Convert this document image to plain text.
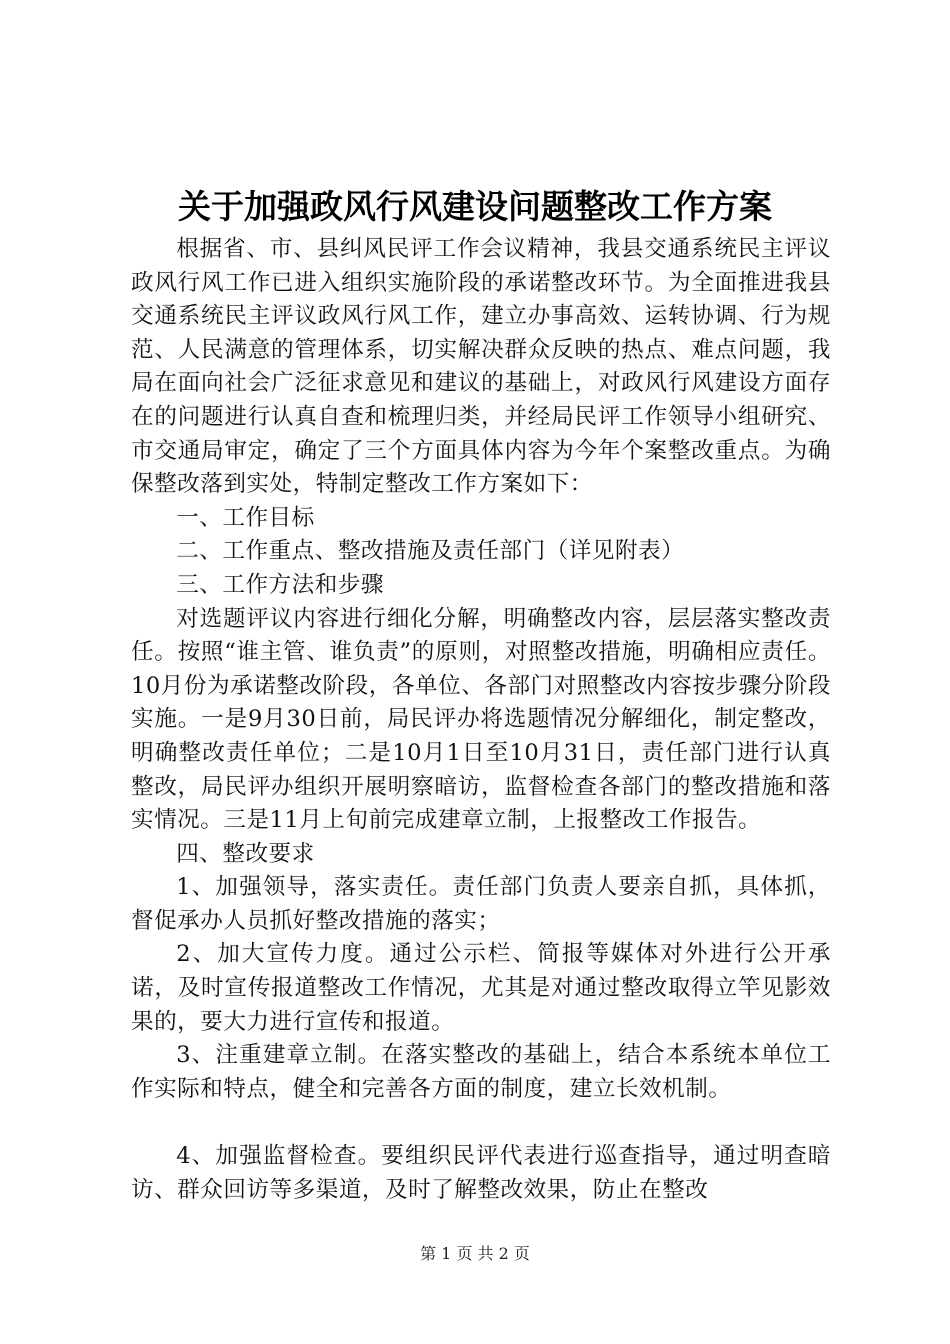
关于加强政风行风建设问题整改工作方案

根据省、市、县纠风民评工作会议精神，我县交通系统民主评议政风行风工作已进入组织实施阶段的承诺整改环节。为全面推进我县交通系统民主评议政风行风工作，建立办事高效、运转协调、行为规范、人民满意的管理体系，切实解决群众反映的热点、难点问题，我局在面向社会广泛征求意见和建议的基础上，对政风行风建设方面存在的问题进行认真自查和梳理归类，并经局民评工作领导小组研究、市交通局审定，确定了三个方面具体内容为今年个案整改重点。为确保整改落到实处，特制定整改工作方案如下：

一、工作目标

二、工作重点、整改措施及责任部门（详见附表）

三、工作方法和步骤

对选题评议内容进行细化分解，明确整改内容，层层落实整改责任。按照“谁主管、谁负责”的原则，对照整改措施，明确相应责任。10月份为承诺整改阶段，各单位、各部门对照整改内容按步骤分阶段实施。一是9月30日前，局民评办将选题情况分解细化，制定整改，明确整改责任单位；二是10月1日至10月31日，责任部门进行认真整改，局民评办组织开展明察暗访，监督检查各部门的整改措施和落实情况。三是11月上旬前完成建章立制，上报整改工作报告。

四、整改要求

1、加强领导，落实责任。责任部门负责人要亲自抓，具体抓，督促承办人员抓好整改措施的落实；

2、加大宣传力度。通过公示栏、简报等媒体对外进行公开承诺，及时宣传报道整改工作情况，尤其是对通过整改取得立竿见影效果的，要大力进行宣传和报道。

3、注重建章立制。在落实整改的基础上，结合本系统本单位工作实际和特点，健全和完善各方面的制度，建立长效机制。

4、加强监督检查。要组织民评代表进行巡查指导，通过明查暗访、群众回访等多渠道，及时了解整改效果，防止在整改

第 1 页 共 2 页
